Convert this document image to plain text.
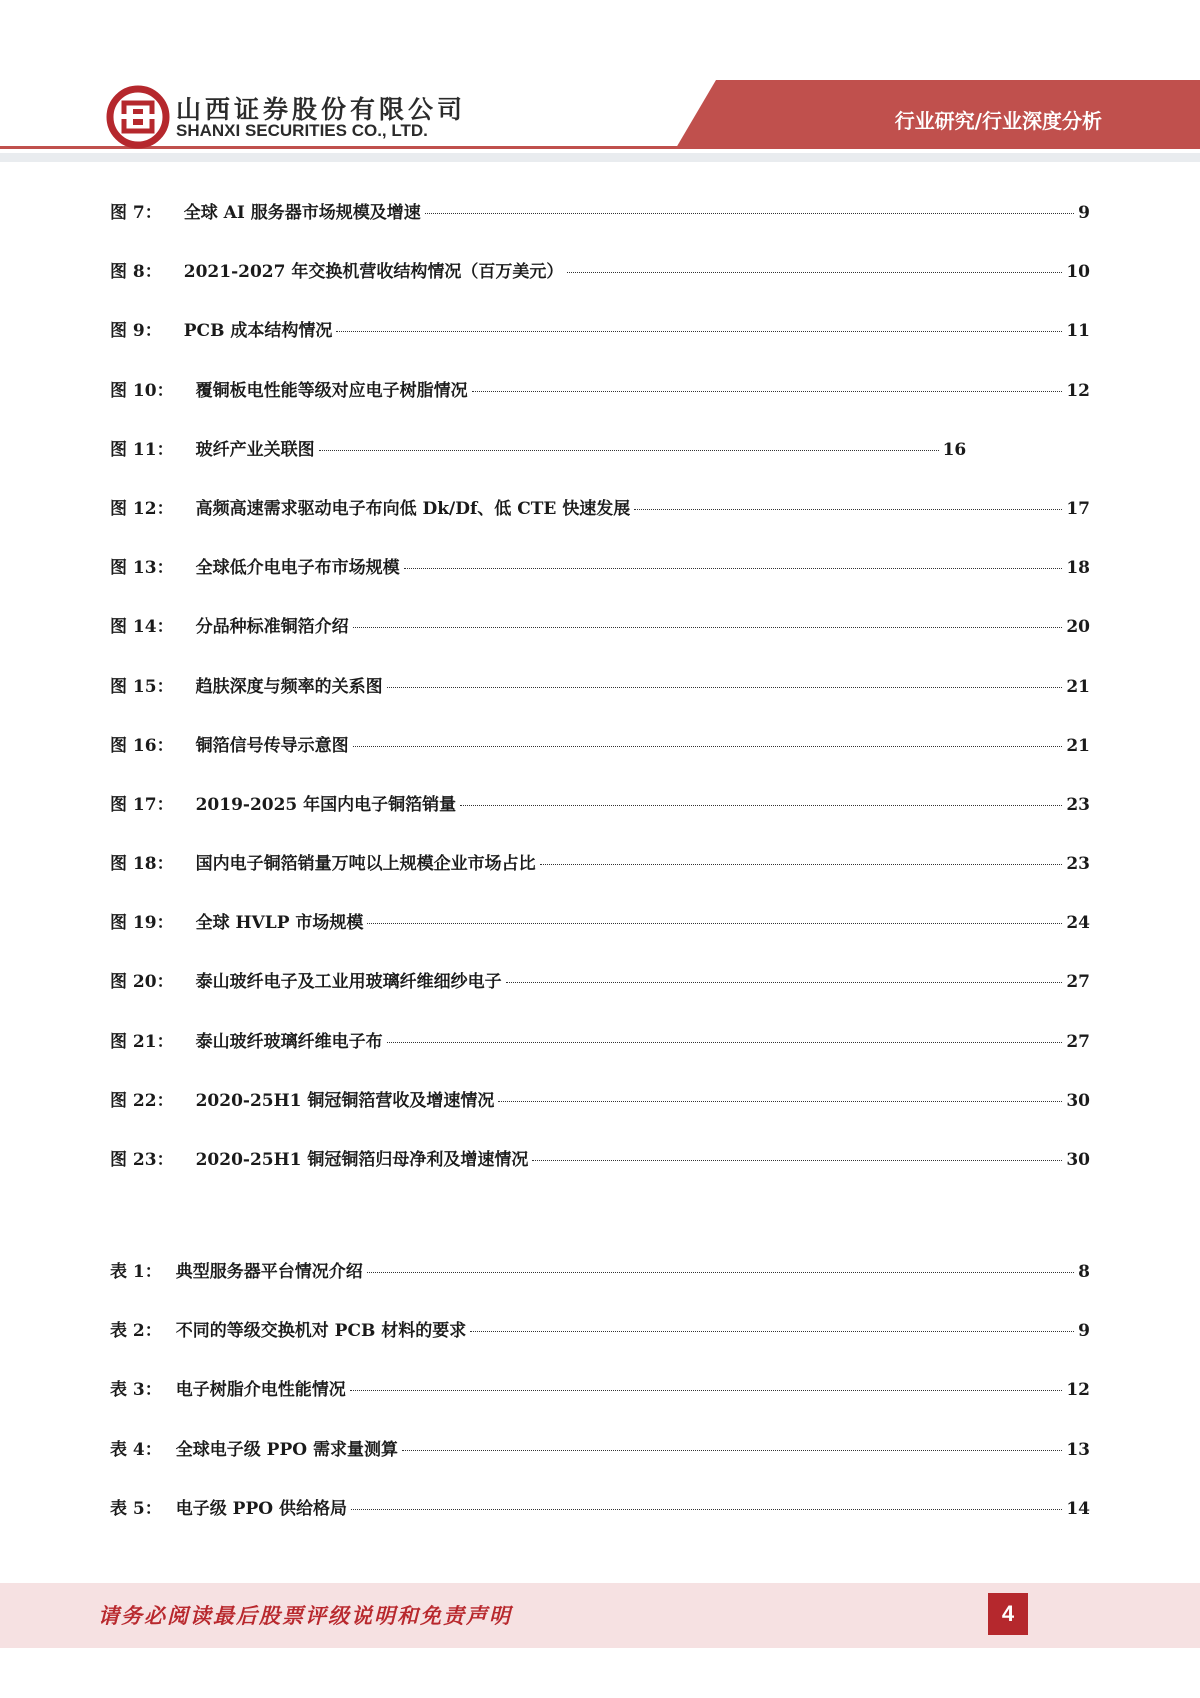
山西证券股份有限公司
SHANXI SECURITIES CO., LTD.	行业研究/行业深度分析
图 7： 全球 AI 服务器市场规模及增速	9
图 8： 2021-2027 年交换机营收结构情况（百万美元）	10
图 9： PCB 成本结构情况	11
图 10： 覆铜板电性能等级对应电子树脂情况	12
图 11： 玻纤产业关联图	16
图 12： 高频高速需求驱动电子布向低 Dk/Df、低 CTE 快速发展	17
图 13： 全球低介电电子布市场规模	18
图 14： 分品种标准铜箔介绍	20
图 15： 趋肤深度与频率的关系图	21
图 16： 铜箔信号传导示意图	21
图 17： 2019-2025 年国内电子铜箔销量	23
图 18： 国内电子铜箔销量万吨以上规模企业市场占比	23
图 19： 全球 HVLP 市场规模	24
图 20： 泰山玻纤电子及工业用玻璃纤维细纱电子	27
图 21： 泰山玻纤玻璃纤维电子布	27
图 22： 2020-25H1 铜冠铜箔营收及增速情况	30
图 23： 2020-25H1 铜冠铜箔归母净利及增速情况	30
表 1： 典型服务器平台情况介绍	8
表 2： 不同的等级交换机对 PCB 材料的要求	9
表 3： 电子树脂介电性能情况	12
表 4： 全球电子级 PPO 需求量测算	13
表 5： 电子级 PPO 供给格局	14
请务必阅读最后股票评级说明和免责声明	4
